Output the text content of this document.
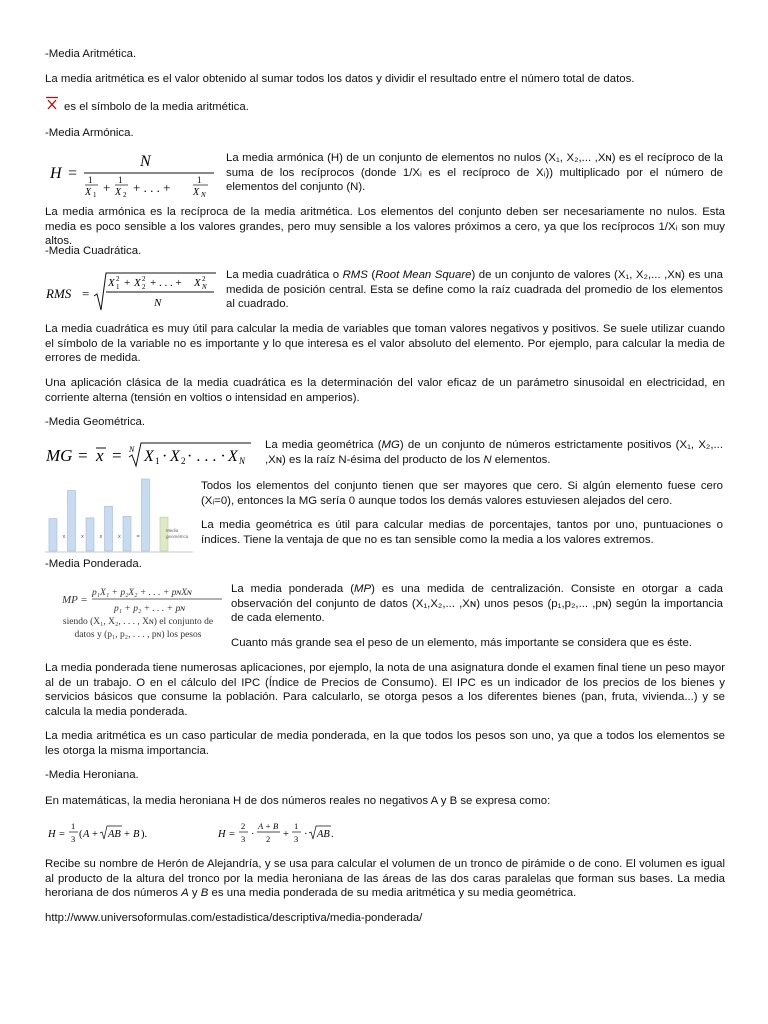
-Media Aritmética.

La media aritmética es el valor obtenido al sumar todos los datos y dividir el resultado entre el número total de datos.

es el símbolo de la media aritmética.

-Media Armónica.

H =
N
1
X 1 + 1
X 2 + . . . +	1
X N

La media armónica (H) de un conjunto de elementos no nulos (X₁, X₂,... ,Xɴ) es el recíproco de la suma de los recíprocos (donde 1/Xᵢ es el recíproco de Xᵢ)) multiplicado por el número de elementos del conjunto (N).

La media armónica es la recíproca de la media aritmética. Los elementos del conjunto deben ser necesariamente no nulos. Esta media es poco sensible a los valores grandes, pero muy sensible a los valores próximos a cero, ya que los recíprocos 1/Xᵢ son muy altos.

-Media Cuadrática.

RMS =
X 2
1 + X 2
2 + . . . + X 2
N
N

La media cuadrática o RMS (Root Mean Square) de un conjunto de valores (X₁, X₂,... ,Xɴ) es una medida de posición central. Esta se define como la raíz cuadrada del promedio de los elementos al cuadrado.

La media cuadrática es muy útil para calcular la media de variables que toman valores negativos y positivos. Se suele utilizar cuando el símbolo de la variable no es importante y lo que interesa es el valor absoluto del elemento. Por ejemplo, para calcular la media de errores de medida.

Una aplicación clásica de la media cuadrática es la determinación del valor eficaz de un parámetro sinusoidal en electricidad, en corriente alterna (tensión en voltios o intensidad en amperios).

-Media Geométrica.

MG = x = N X 1 · X 2 · . . . · X N

La media geométrica (MG) de un conjunto de números estrictamente positivos (X₁, X₂,... ,Xɴ) es la raíz N-ésima del producto de los N elementos.

x	x	x	x	=
Media
geométrica

Todos los elementos del conjunto tienen que ser mayores que cero. Si algún elemento fuese cero (Xᵢ=0), entonces la MG sería 0 aunque todos los demás valores estuviesen alejados del cero.

La media geométrica es útil para calcular medias de porcentajes, tantos por uno, puntuaciones o índices. Tiene la ventaja de que no es tan sensible como la media a los valores extremos.

-Media Ponderada.

MP =
p₁X₁ + p₂X₂ + . . . + pɴXɴ
p₁ + p₂ + . . . + pɴ
siendo (X₁, X₂, . . . , Xɴ) el conjunto de
datos y (p₁, p₂, . . . , pɴ) los pesos

La media ponderada (MP) es una medida de centralización. Consiste en otorgar a cada observación del conjunto de datos (X₁,X₂,... ,Xɴ) unos pesos (p₁,p₂,... ,pɴ) según la importancia de cada elemento.

Cuanto más grande sea el peso de un elemento, más importante se considera que es éste.

La media ponderada tiene numerosas aplicaciones, por ejemplo, la nota de una asignatura donde el examen final tiene un peso mayor al de un trabajo. O en el cálculo del IPC (Índice de Precios de Consumo). El IPC es un indicador de los precios de los bienes y servicios básicos que consume la población. Para calcularlo, se otorga pesos a los diferentes bienes (pan, fruta, vivienda...) y se calcula la media ponderada.

La media aritmética es un caso particular de media ponderada, en la que todos los pesos son uno, ya que a todos los elementos se les otorga la misma importancia.

-Media Heroniana.

En matemáticas, la media heroniana H de dos números reales no negativos A y B se expresa como:

H =
1
3 ( A + AB + B ).	H =
2
3 ·
A + B
2 +
1
3 · AB .

Recibe su nombre de Herón de Alejandría, y se usa para calcular el volumen de un tronco de pirámide o de cono. El volumen es igual al producto de la altura del tronco por la media heroniana de las áreas de las dos caras paralelas que forman sus bases. La media heroriana de dos números A y B es una media ponderada de su media aritmética y su media geométrica.

http://www.universoformulas.com/estadistica/descriptiva/media-ponderada/
